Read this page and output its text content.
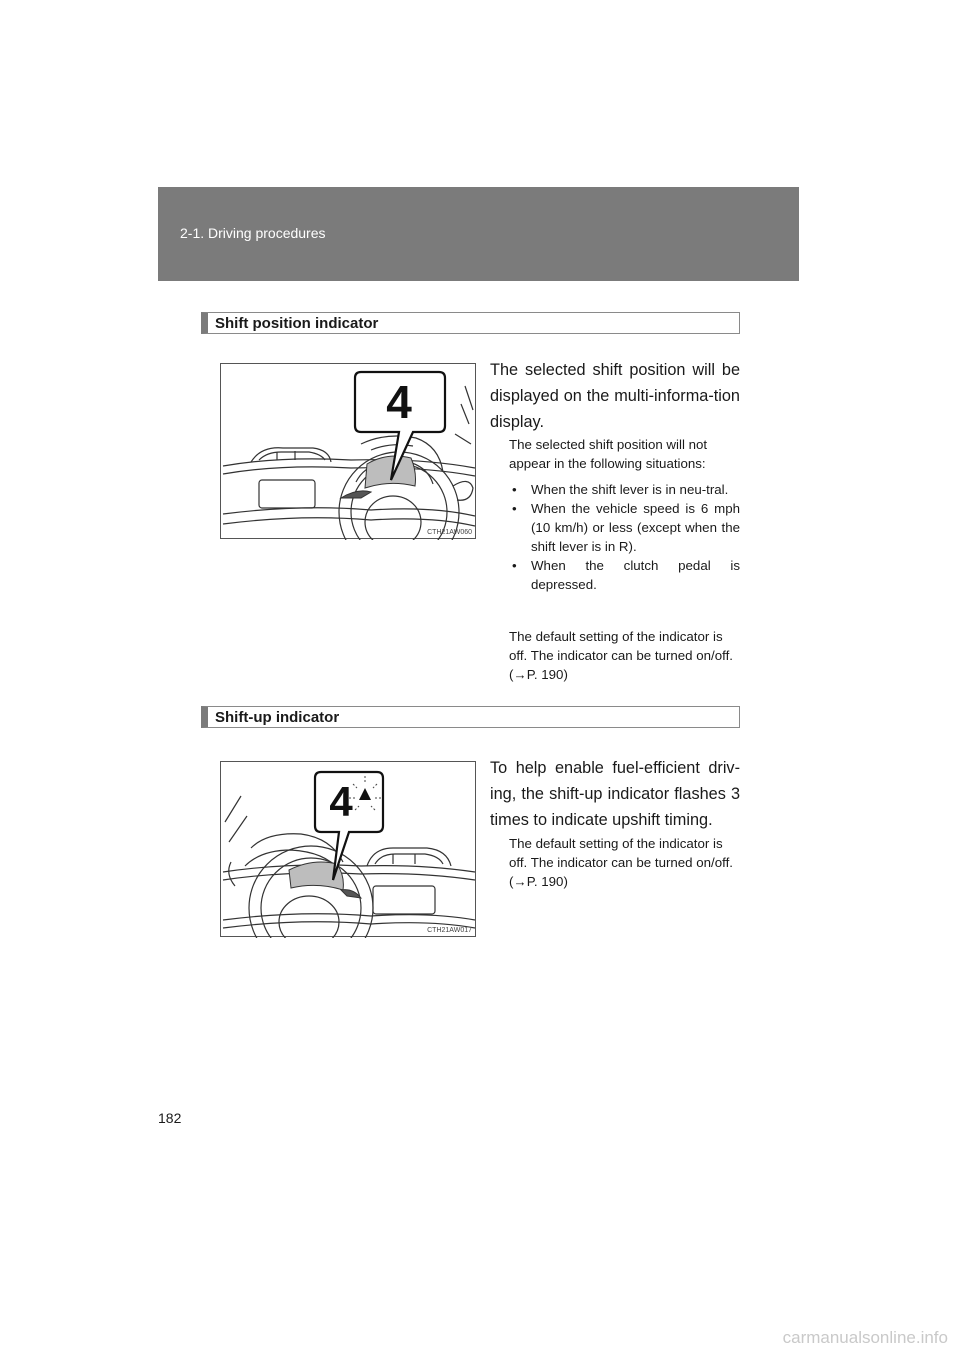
2-1. Driving procedures
Shift position indicator
4
CTH21AW060

The selected shift position will be displayed on the multi-informa-tion display.

The selected shift position will not appear in the following situations:

• When the shift lever is in neu-tral.
• When the vehicle speed is 6 mph (10 km/h) or less (except when the shift lever is in R).
• When the clutch pedal is depressed.

The default setting of the indicator is off. The indicator can be turned on/off. (→P. 190)

Shift-up indicator
4
CTH21AW017

To help enable fuel-efficient driv-ing, the shift-up indicator flashes 3 times to indicate upshift timing.

The default setting of the indicator is off. The indicator can be turned on/off. (→P. 190)

182
carmanualsonline.info
